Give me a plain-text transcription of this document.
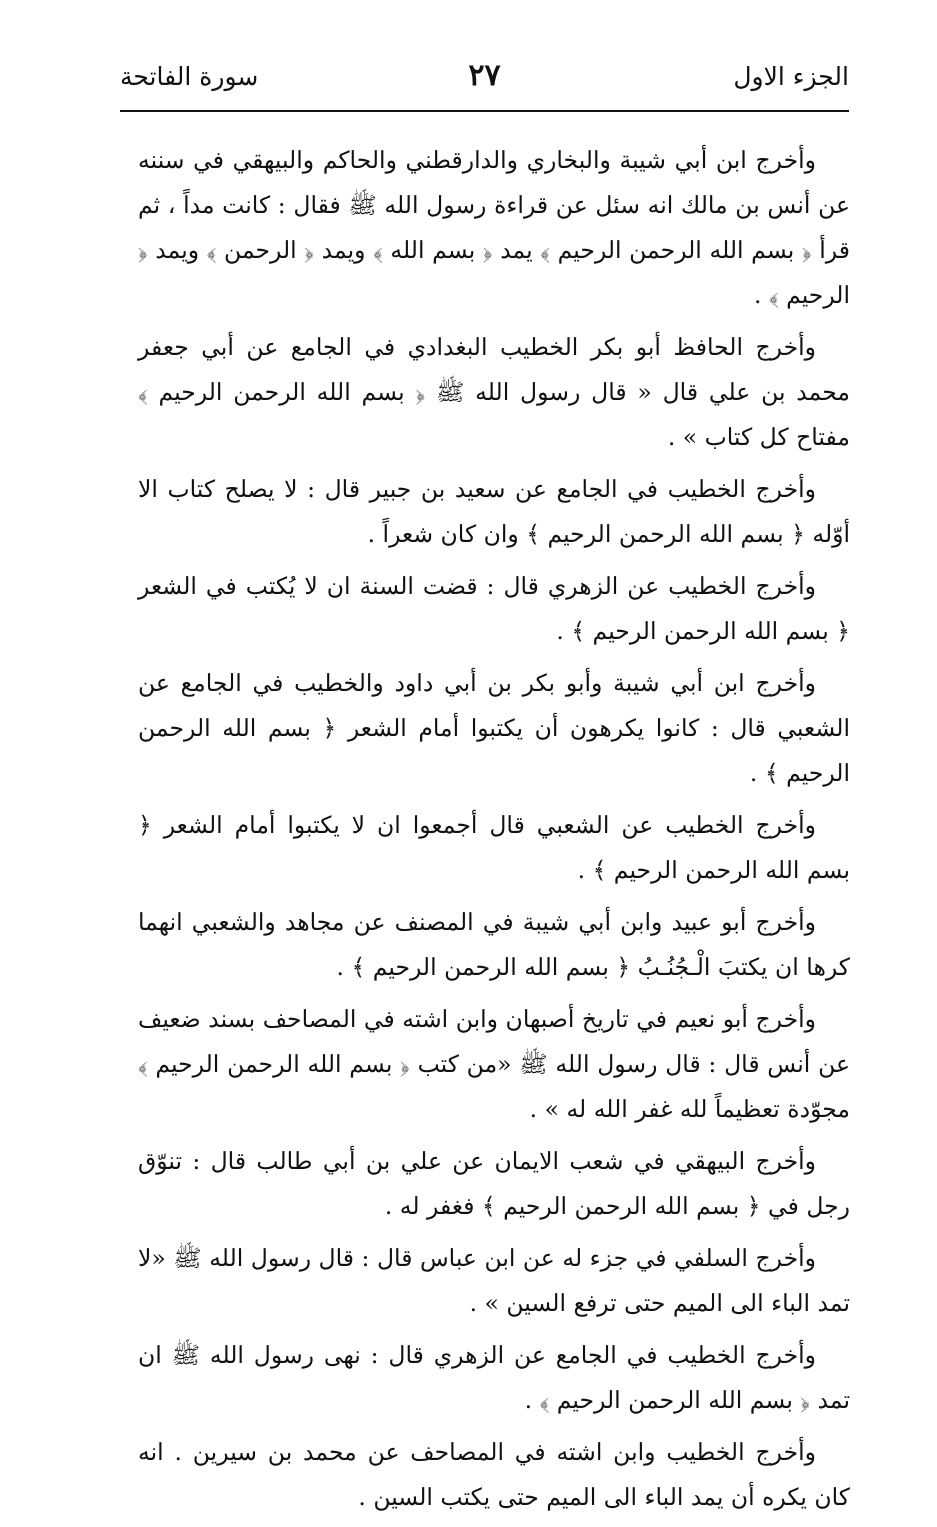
الجزء الاول
٢٧
سورة الفاتحة

وأخرج ابن أبي شيبة والبخاري والدارقطني والحاكم والبيهقي في سننه عن أنس بن مالك انه سئل عن قراءة رسول الله ﷺ فقال : كانت مداً ، ثم قرأ ﴿ بسم الله الرحمن الرحيم ﴾ يمد ﴿ بسم الله ﴾ ويمد ﴿ الرحمن ﴾ ويمد ﴿ الرحيم ﴾ .

وأخرج الحافظ أبو بكر الخطيب البغدادي في الجامع عن أبي جعفر محمد بن علي قال « قال رسول الله ﷺ ﴿ بسم الله الرحمن الرحيم ﴾ مفتاح كل كتاب » .

وأخرج الخطيب في الجامع عن سعيد بن جبير قال : لا يصلح كتاب الا أوّله ﴿ بسم الله الرحمن الرحيم ﴾ وان كان شعراً .

وأخرج الخطيب عن الزهري قال : قضت السنة ان لا يُكتب في الشعر ﴿ بسم الله الرحمن الرحيم ﴾ .

وأخرج ابن أبي شيبة وأبو بكر بن أبي داود والخطيب في الجامع عن الشعبي قال : كانوا يكرهون أن يكتبوا أمام الشعر ﴿ بسم الله الرحمن الرحيم ﴾ .

وأخرج الخطيب عن الشعبي قال أجمعوا ان لا يكتبوا أمام الشعر ﴿ بسم الله الرحمن الرحيم ﴾ .

وأخرج أبو عبيد وابن أبي شيبة في المصنف عن مجاهد والشعبي انهما كرها ان يكتبَ الْـجُنُـبُ ﴿ بسم الله الرحمن الرحيم ﴾ .

وأخرج أبو نعيم في تاريخ أصبهان وابن اشته في المصاحف بسند ضعيف عن أنس قال : قال رسول الله ﷺ «من كتب ﴿ بسم الله الرحمن الرحيم ﴾ مجوّدة تعظيماً لله غفر الله له » .

وأخرج البيهقي في شعب الايمان عن علي بن أبي طالب قال : تنوّق رجل في ﴿ بسم الله الرحمن الرحيم ﴾ فغفر له .

وأخرج السلفي في جزء له عن ابن عباس قال : قال رسول الله ﷺ «لا تمد الباء الى الميم حتى ترفع السين » .

وأخرج الخطيب في الجامع عن الزهري قال : نهى رسول الله ﷺ ان تمد ﴿ بسم الله الرحمن الرحيم ﴾ .

وأخرج الخطيب وابن اشته في المصاحف عن محمد بن سيرين . انه كان يكره أن يمد الباء الى الميم حتى يكتب السين .
